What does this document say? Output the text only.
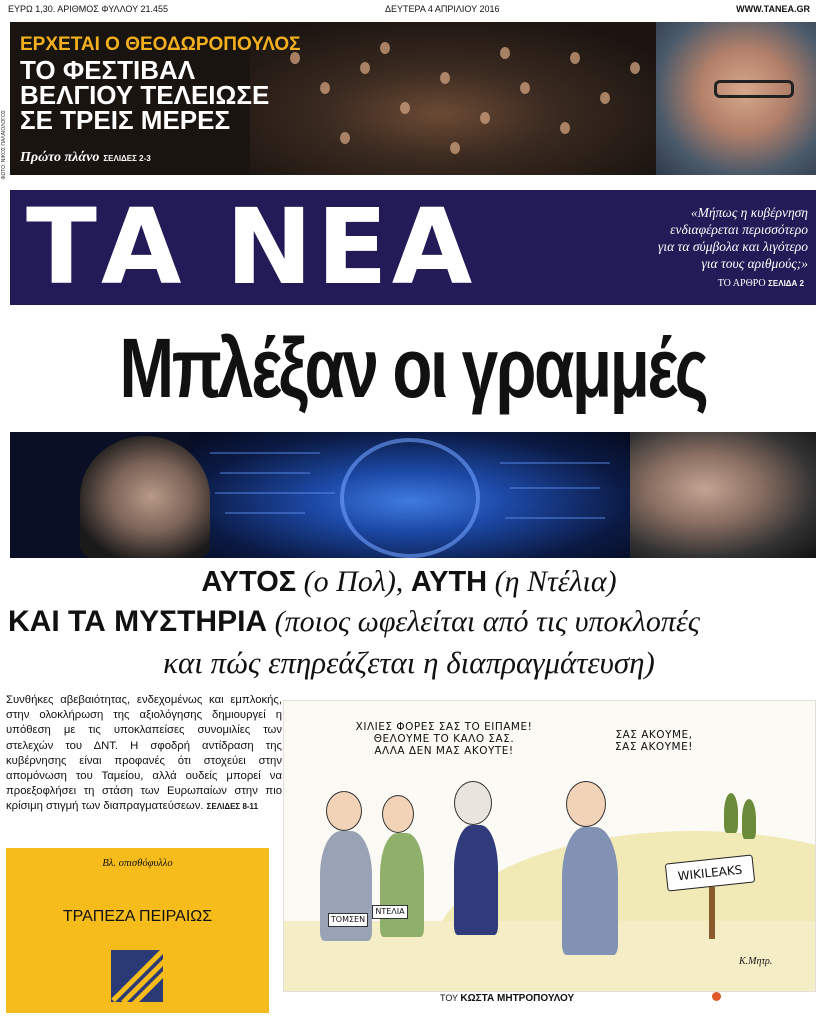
ΕΥΡΩ 1,30. ΑΡΙΘΜΟΣ ΦΥΛΛΟΥ 21.455	ΔΕΥΤΕΡΑ 4 ΑΠΡΙΛΙΟΥ 2016	WWW.TANEA.GR
ΕΡΧΕΤΑΙ Ο ΘΕΟΔΩΡΟΠΟΥΛΟΣ
ΤΟ ΦΕΣΤΙΒΑΛ
ΒΕΛΓΙΟΥ ΤΕΛΕΙΩΣΕ
ΣΕ ΤΡΕΙΣ ΜΕΡΕΣ
Πρώτο πλάνο ΣΕΛΙΔΕΣ 2-3
ΦΩΤΟ: ΝΙΚΟΣ ΠΑΛΑΙΟΛΟΓΟΣ
ΤΑ ΝΕΑ	«Μήπως η κυβέρνηση
ενδιαφέρεται περισσότερο
για τα σύμβολα και λιγότερο
για τους αριθμούς;»
ΤΟ ΑΡΘΡΟ ΣΕΛΙΔΑ 2
Μπλέξαν οι γραμμές
ΑΥΤΟΣ (ο Πολ), ΑΥΤΗ (η Ντέλια)
ΚΑΙ ΤΑ ΜΥΣΤΗΡΙΑ (ποιος ωφελείται από τις υποκλοπές
και πώς επηρεάζεται η διαπραγμάτευση)
Συνθήκες αβεβαιότητας, ενδεχομένως και εμπλοκής, στην ολοκλήρωση της αξιολόγησης δημιουργεί η υπόθεση με τις υποκλαπείσες συνομιλίες των στελεχών του ΔΝΤ. Η σφοδρή αντίδραση της κυβέρνησης είναι προφανές ότι στοχεύει στην απομόνωση του Ταμείου, αλλά ουδείς μπορεί να προεξοφλήσει τη στάση των Ευρωπαίων στην πιο κρίσιμη στιγμή των διαπραγματεύσεων. ΣΕΛΙΔΕΣ 8-11
Βλ. οπισθόφυλλο
ΤΡΑΠΕΖΑ ΠΕΙΡΑΙΩΣ
ΧΙΛΙΕΣ ΦΟΡΕΣ ΣΑΣ ΤΟ ΕΙΠΑΜΕ!
ΘΕΛΟΥΜΕ ΤΟ ΚΑΛΟ ΣΑΣ.
ΑΛΛΑ ΔΕΝ ΜΑΣ ΑΚΟΥΤΕ!
ΣΑΣ ΑΚΟΥΜΕ,
ΣΑΣ ΑΚΟΥΜΕ!
ΤΟΜΣΕΝ
ΝΤΕΛΙΑ
WIKILEAKS
Κ.Μητρ.
ΤΟΥ ΚΩΣΤΑ ΜΗΤΡΟΠΟΥΛΟΥ
